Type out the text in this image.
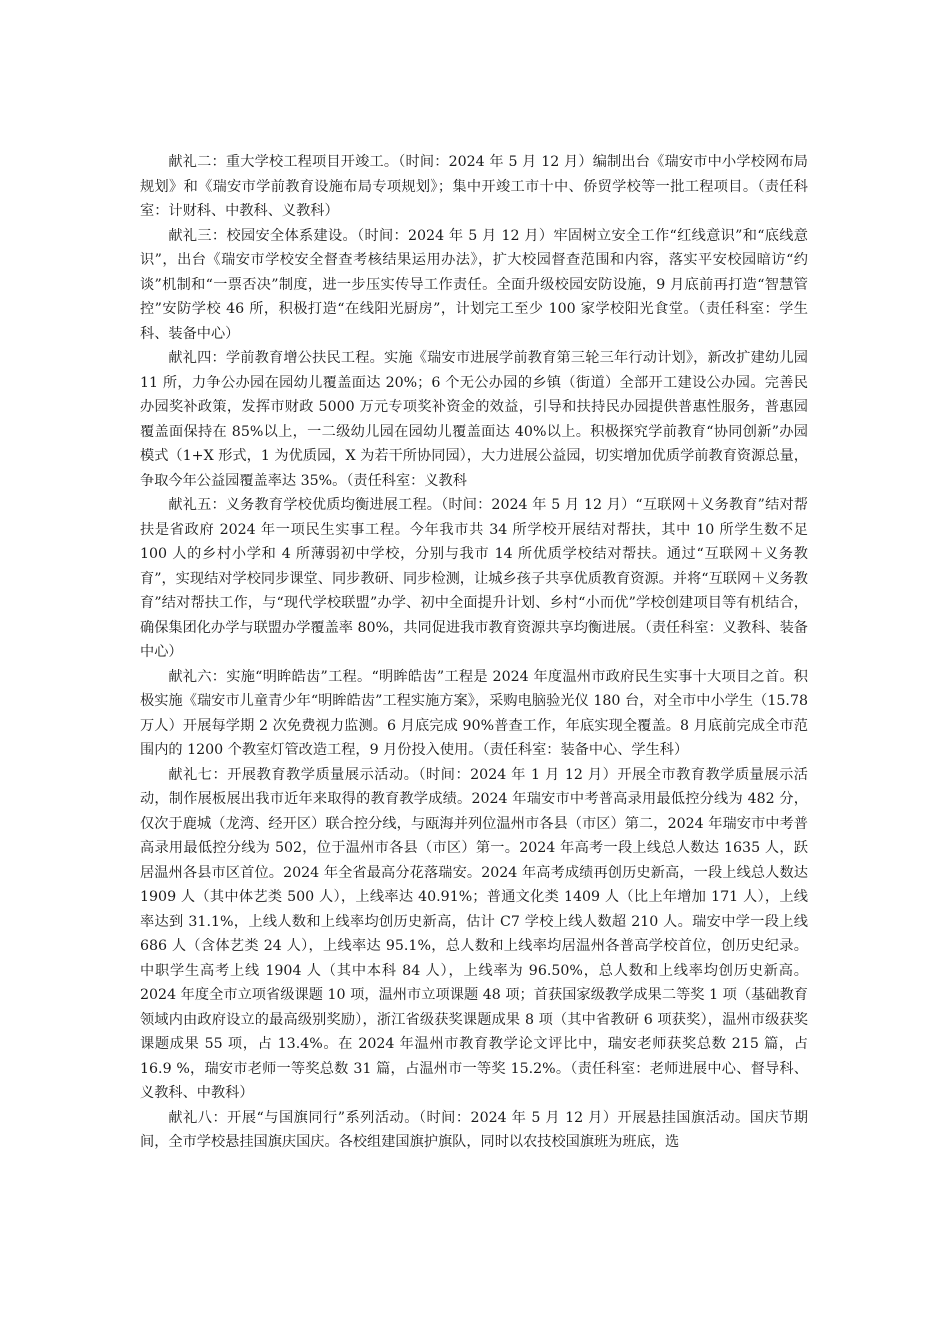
献礼二：重大学校工程项目开竣工。（时间：2024 年 5 月 12 月）编制出台《瑞安市中小学校网布局规划》和《瑞安市学前教育设施布局专项规划》；集中开竣工市十中、侨贸学校等一批工程项目。（责任科室：计财科、中教科、义教科）

献礼三：校园安全体系建设。（时间：2024 年 5 月 12 月）牢固树立安全工作“红线意识”和“底线意识”，出台《瑞安市学校安全督查考核结果运用办法》，扩大校园督查范围和内容，落实平安校园暗访“约谈”机制和“一票否决”制度，进一步压实传导工作责任。全面升级校园安防设施，9 月底前再打造“智慧管控”安防学校 46 所，积极打造“在线阳光厨房”，计划完工至少 100 家学校阳光食堂。（责任科室：学生科、装备中心）

献礼四：学前教育增公扶民工程。实施《瑞安市进展学前教育第三轮三年行动计划》，新改扩建幼儿园 11 所，力争公办园在园幼儿覆盖面达 20%；6 个无公办园的乡镇（街道）全部开工建设公办园。完善民办园奖补政策，发挥市财政 5000 万元专项奖补资金的效益，引导和扶持民办园提供普惠性服务，普惠园覆盖面保持在 85%以上，一二级幼儿园在园幼儿覆盖面达 40%以上。积极探究学前教育“协同创新”办园模式（1+X 形式，1 为优质园，X 为若干所协同园），大力进展公益园，切实增加优质学前教育资源总量，争取今年公益园覆盖率达 35%。（责任科室：义教科

献礼五：义务教育学校优质均衡进展工程。（时间：2024 年 5 月 12 月）“互联网＋义务教育”结对帮扶是省政府 2024 年一项民生实事工程。今年我市共 34 所学校开展结对帮扶，其中 10 所学生数不足 100 人的乡村小学和 4 所薄弱初中学校，分别与我市 14 所优质学校结对帮扶。通过“互联网＋义务教育”，实现结对学校同步课堂、同步教研、同步检测，让城乡孩子共享优质教育资源。并将“互联网＋义务教育”结对帮扶工作，与“现代学校联盟”办学、初中全面提升计划、乡村“小而优”学校创建项目等有机结合，确保集团化办学与联盟办学覆盖率 80%，共同促进我市教育资源共享均衡进展。（责任科室：义教科、装备中心）

献礼六：实施“明眸皓齿”工程。“明眸皓齿”工程是 2024 年度温州市政府民生实事十大项目之首。积极实施《瑞安市儿童青少年“明眸皓齿”工程实施方案》，采购电脑验光仪 180 台，对全市中小学生（15.78 万人）开展每学期 2 次免费视力监测。6 月底完成 90%普查工作，年底实现全覆盖。8 月底前完成全市范围内的 1200 个教室灯管改造工程，9 月份投入使用。（责任科室：装备中心、学生科）

献礼七：开展教育教学质量展示活动。（时间：2024 年 1 月 12 月）开展全市教育教学质量展示活动，制作展板展出我市近年来取得的教育教学成绩。2024 年瑞安市中考普高录用最低控分线为 482 分，仅次于鹿城（龙湾、经开区）联合控分线，与瓯海并列位温州市各县（市区）第二，2024 年瑞安市中考普高录用最低控分线为 502，位于温州市各县（市区）第一。2024 年高考一段上线总人数达 1635 人，跃居温州各县市区首位。2024 年全省最高分花落瑞安。2024 年高考成绩再创历史新高，一段上线总人数达 1909 人（其中体艺类 500 人），上线率达 40.91%；普通文化类 1409 人（比上年增加 171 人），上线率达到 31.1%，上线人数和上线率均创历史新高，估计 C7 学校上线人数超 210 人。瑞安中学一段上线 686 人（含体艺类 24 人），上线率达 95.1%，总人数和上线率均居温州各普高学校首位，创历史纪录。中职学生高考上线 1904 人（其中本科 84 人），上线率为 96.50%，总人数和上线率均创历史新高。2024 年度全市立项省级课题 10 项，温州市立项课题 48 项；首获国家级教学成果二等奖 1 项（基础教育领域内由政府设立的最高级别奖励），浙江省级获奖课题成果 8 项（其中省教研 6 项获奖），温州市级获奖课题成果 55 项，占 13.4%。在 2024 年温州市教育教学论文评比中，瑞安老师获奖总数 215 篇，占 16.9 %，瑞安市老师一等奖总数 31 篇，占温州市一等奖 15.2%。（责任科室：老师进展中心、督导科、义教科、中教科）

献礼八：开展“与国旗同行”系列活动。（时间：2024 年 5 月 12 月）开展悬挂国旗活动。国庆节期间，全市学校悬挂国旗庆国庆。各校组建国旗护旗队，同时以农技校国旗班为班底，选
